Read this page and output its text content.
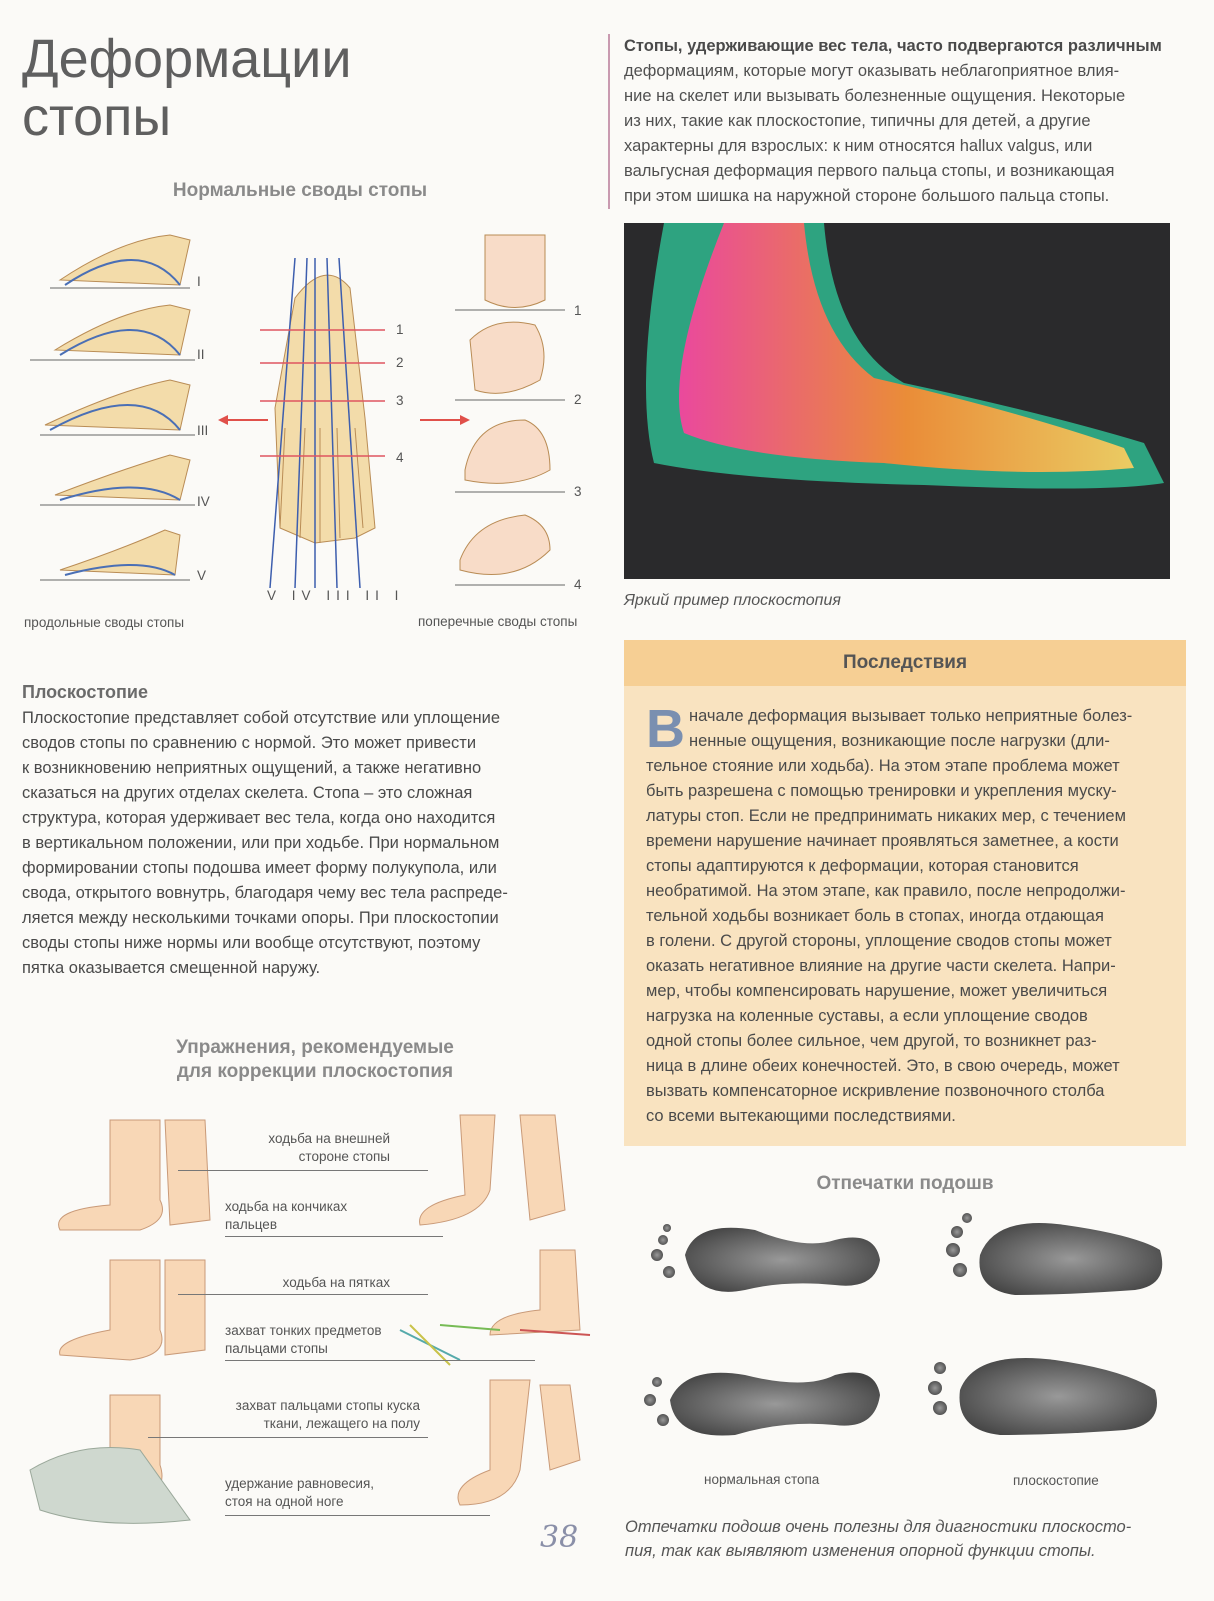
Деформации
стопы
Стопы, удерживающие вес тела, часто подвергаются различным
деформациям, которые могут оказывать неблагоприятное влия-
ние на скелет или вызывать болезненные ощущения. Некоторые
из них, такие как плоскостопие, типичны для детей, а другие
характерны для взрослых: к ним относятся hallux valgus, или
вальгусная деформация первого пальца стопы, и возникающая
при этом шишка на наружной стороне большого пальца стопы.
Нормальные своды стопы
I
II
III
IV
V
V IV III II I
1
2
3
4
1
2
3
4
продольные своды стопы	поперечные своды стопы
Яркий пример плоскостопия
Плоскостопие
Плоскостопие представляет собой отсутствие или уплощение
сводов стопы по сравнению с нормой. Это может привести
к возникновению неприятных ощущений, а также негативно
сказаться на других отделах скелета. Стопа – это сложная
структура, которая удерживает вес тела, когда оно находится
в вертикальном положении, или при ходьбе. При нормальном
формировании стопы подошва имеет форму полукупола, или
свода, открытого вовнутрь, благодаря чему вес тела распреде-
ляется между несколькими точками опоры. При плоскостопии
своды стопы ниже нормы или вообще отсутствуют, поэтому
пятка оказывается смещенной наружу.
Последствия
В начале деформация вызывает только неприятные болез-
ненные ощущения, возникающие после нагрузки (дли-
тельное стояние или ходьба). На этом этапе проблема может
быть разрешена с помощью тренировки и укрепления муску-
латуры стоп. Если не предпринимать никаких мер, с течением
времени нарушение начинает проявляться заметнее, а кости
стопы адаптируются к деформации, которая становится
необратимой. На этом этапе, как правило, после непродолжи-
тельной ходьбы возникает боль в стопах, иногда отдающая
в голени. С другой стороны, уплощение сводов стопы может
оказать негативное влияние на другие части скелета. Напри-
мер, чтобы компенсировать нарушение, может увеличиться
нагрузка на коленные суставы, а если уплощение сводов
одной стопы более сильное, чем другой, то возникнет раз-
ница в длине обеих конечностей. Это, в свою очередь, может
вызвать компенсаторное искривление позвоночного столба
со всеми вытекающими последствиями.
Упражнения, рекомендуемые
для коррекции плоскостопия
ходьба на внешней
стороне стопы
ходьба на кончиках
пальцев
ходьба на пятках
захват тонких предметов
пальцами стопы
захват пальцами стопы куска
ткани, лежащего на полу
удержание равновесия,
стоя на одной ноге
Отпечатки подошв
нормальная стопа	плоскостопие
Отпечатки подошв очень полезны для диагностики плоскосто-
пия, так как выявляют изменения опорной функции стопы.
38
